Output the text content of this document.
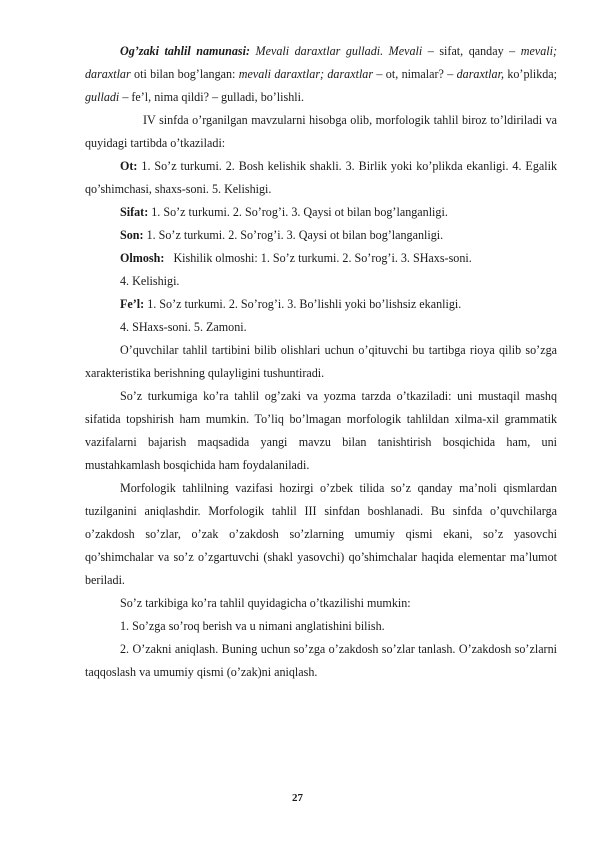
Og’zaki tahlil namunasi: Mevali daraxtlar gulladi. Mevali – sifat, qanday – mevali; daraxtlar oti bilan bog’langan: mevali daraxtlar; daraxtlar – ot, nimalar? – daraxtlar, ko’plikda; gulladi – fe’l, nima qildi? – gulladi, bo’lishli.

IV sinfda o’rganilgan mavzularni hisobga olib, morfologik tahlil biroz to’ldiriladi va quyidagi tartibda o’tkaziladi:

Ot: 1. So’z turkumi. 2. Bosh kelishik shakli. 3. Birlik yoki ko’plikda ekanligi. 4. Egalik qo’shimchasi, shaxs-soni. 5. Kelishigi.

Sifat: 1. So’z turkumi. 2. So’rog’i. 3. Qaysi ot bilan bog’langanligi.

Son: 1. So’z turkumi. 2. So’rog’i. 3. Qaysi ot bilan bog’langanligi.

Olmosh: Kishilik olmoshi: 1. So’z turkumi. 2. So’rog’i. 3. SHaxs-soni.

4. Kelishigi.

Fe’l: 1. So’z turkumi. 2. So’rog’i. 3. Bo’lishli yoki bo’lishsiz ekanligi.

4. SHaxs-soni. 5. Zamoni.

O’quvchilar tahlil tartibini bilib olishlari uchun o’qituvchi bu tartibga rioya qilib so’zga xarakteristika berishning qulayligini tushuntiradi.

So’z turkumiga ko’ra tahlil og’zaki va yozma tarzda o’tkaziladi: uni mustaqil mashq sifatida topshirish ham mumkin. To’liq bo’lmagan morfologik tahlildan xilma-xil grammatik vazifalarni bajarish maqsadida yangi mavzu bilan tanishtirish bosqichida ham, uni mustahkamlash bosqichida ham foydalaniladi.

Morfologik tahlilning vazifasi hozirgi o’zbek tilida so’z qanday ma’noli qismlardan tuzilganini aniqlashdir. Morfologik tahlil III sinfdan boshlanadi. Bu sinfda o’quvchilarga o’zakdosh so’zlar, o’zak o’zakdosh so’zlarning umumiy qismi ekani, so’z yasovchi qo’shimchalar va so’z o’zgartuvchi (shakl yasovchi) qo’shimchalar haqida elementar ma’lumot beriladi.

So’z tarkibiga ko’ra tahlil quyidagicha o’tkazilishi mumkin:

1. So’zga so’roq berish va u nimani anglatishini bilish.

2. O’zakni aniqlash. Buning uchun so’zga o’zakdosh so’zlar tanlash. O’zakdosh so’zlarni taqqoslash va umumiy qismi (o’zak)ni aniqlash.

27
